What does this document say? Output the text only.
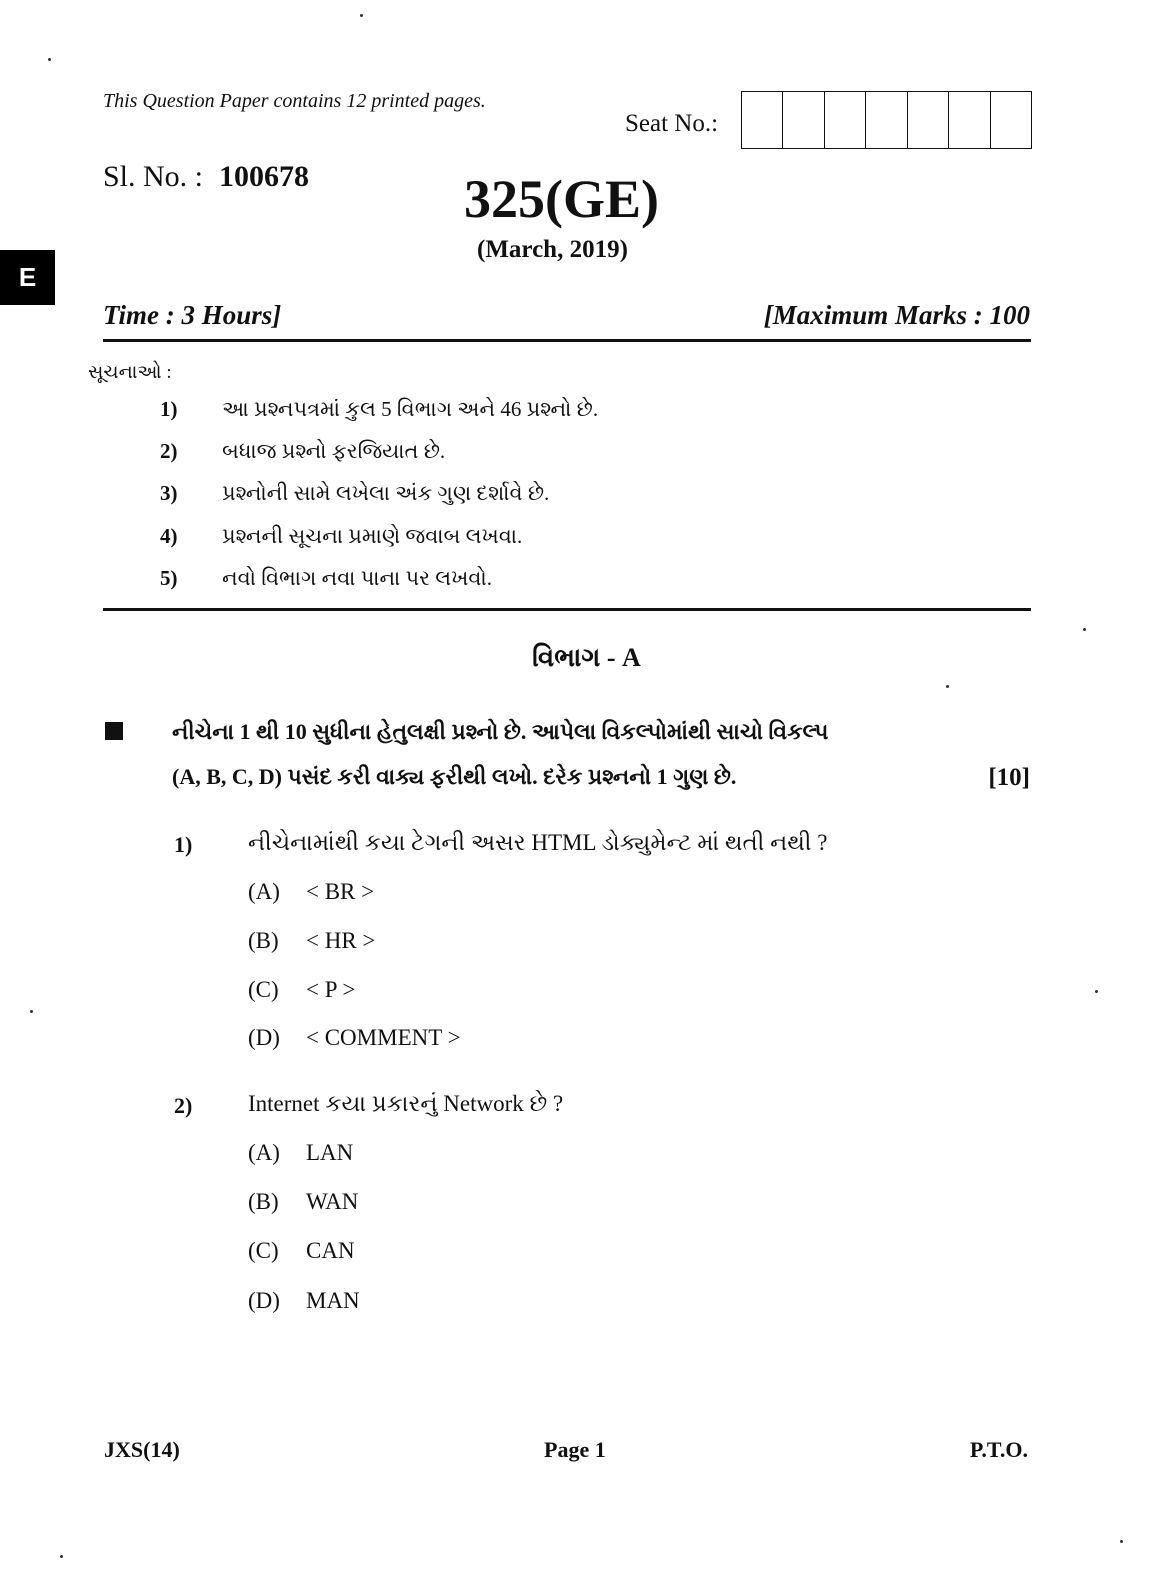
This Question Paper contains 12 printed pages.
Seat No.:
Sl. No. : 100678	325(GE)
(March, 2019)
E
Time : 3 Hours]	[Maximum Marks : 100
સૂચનાઓ :
1)	આ પ્રશ્નપત્રમાં કુલ 5 વિભાગ અને 46 પ્રશ્નો છે.
2)	બધાજ પ્રશ્નો ફરજિયાત છે.
3)	પ્રશ્નોની સામે લખેલા અંક ગુણ દર્શાવે છે.
4)	પ્રશ્નની સૂચના પ્રમાણે જવાબ લખવા.
5)	નવો વિભાગ નવા પાના પર લખવો.
વિભાગ - A
નીચેના 1 થી 10 સુધીના હેતુલક્ષી પ્રશ્નો છે. આપેલા વિકલ્પોમાંથી સાચો વિકલ્પ
(A, B, C, D) પસંદ કરી વાક્ય ફરીથી લખો. દરેક પ્રશ્નનો 1 ગુણ છે.	[10]
1) નીચેનામાંથી કયા ટેગની અસર HTML ડોક્યુમેન્ટ માં થતી નથી ?
(A)	< BR >
(B)	< HR >
(C)	< P >
(D)	< COMMENT >
2) Internet કયા પ્રકારનું Network છે ?
(A)	LAN
(B)	WAN
(C)	CAN
(D)	MAN
JXS(14)	Page 1	P.T.O.
